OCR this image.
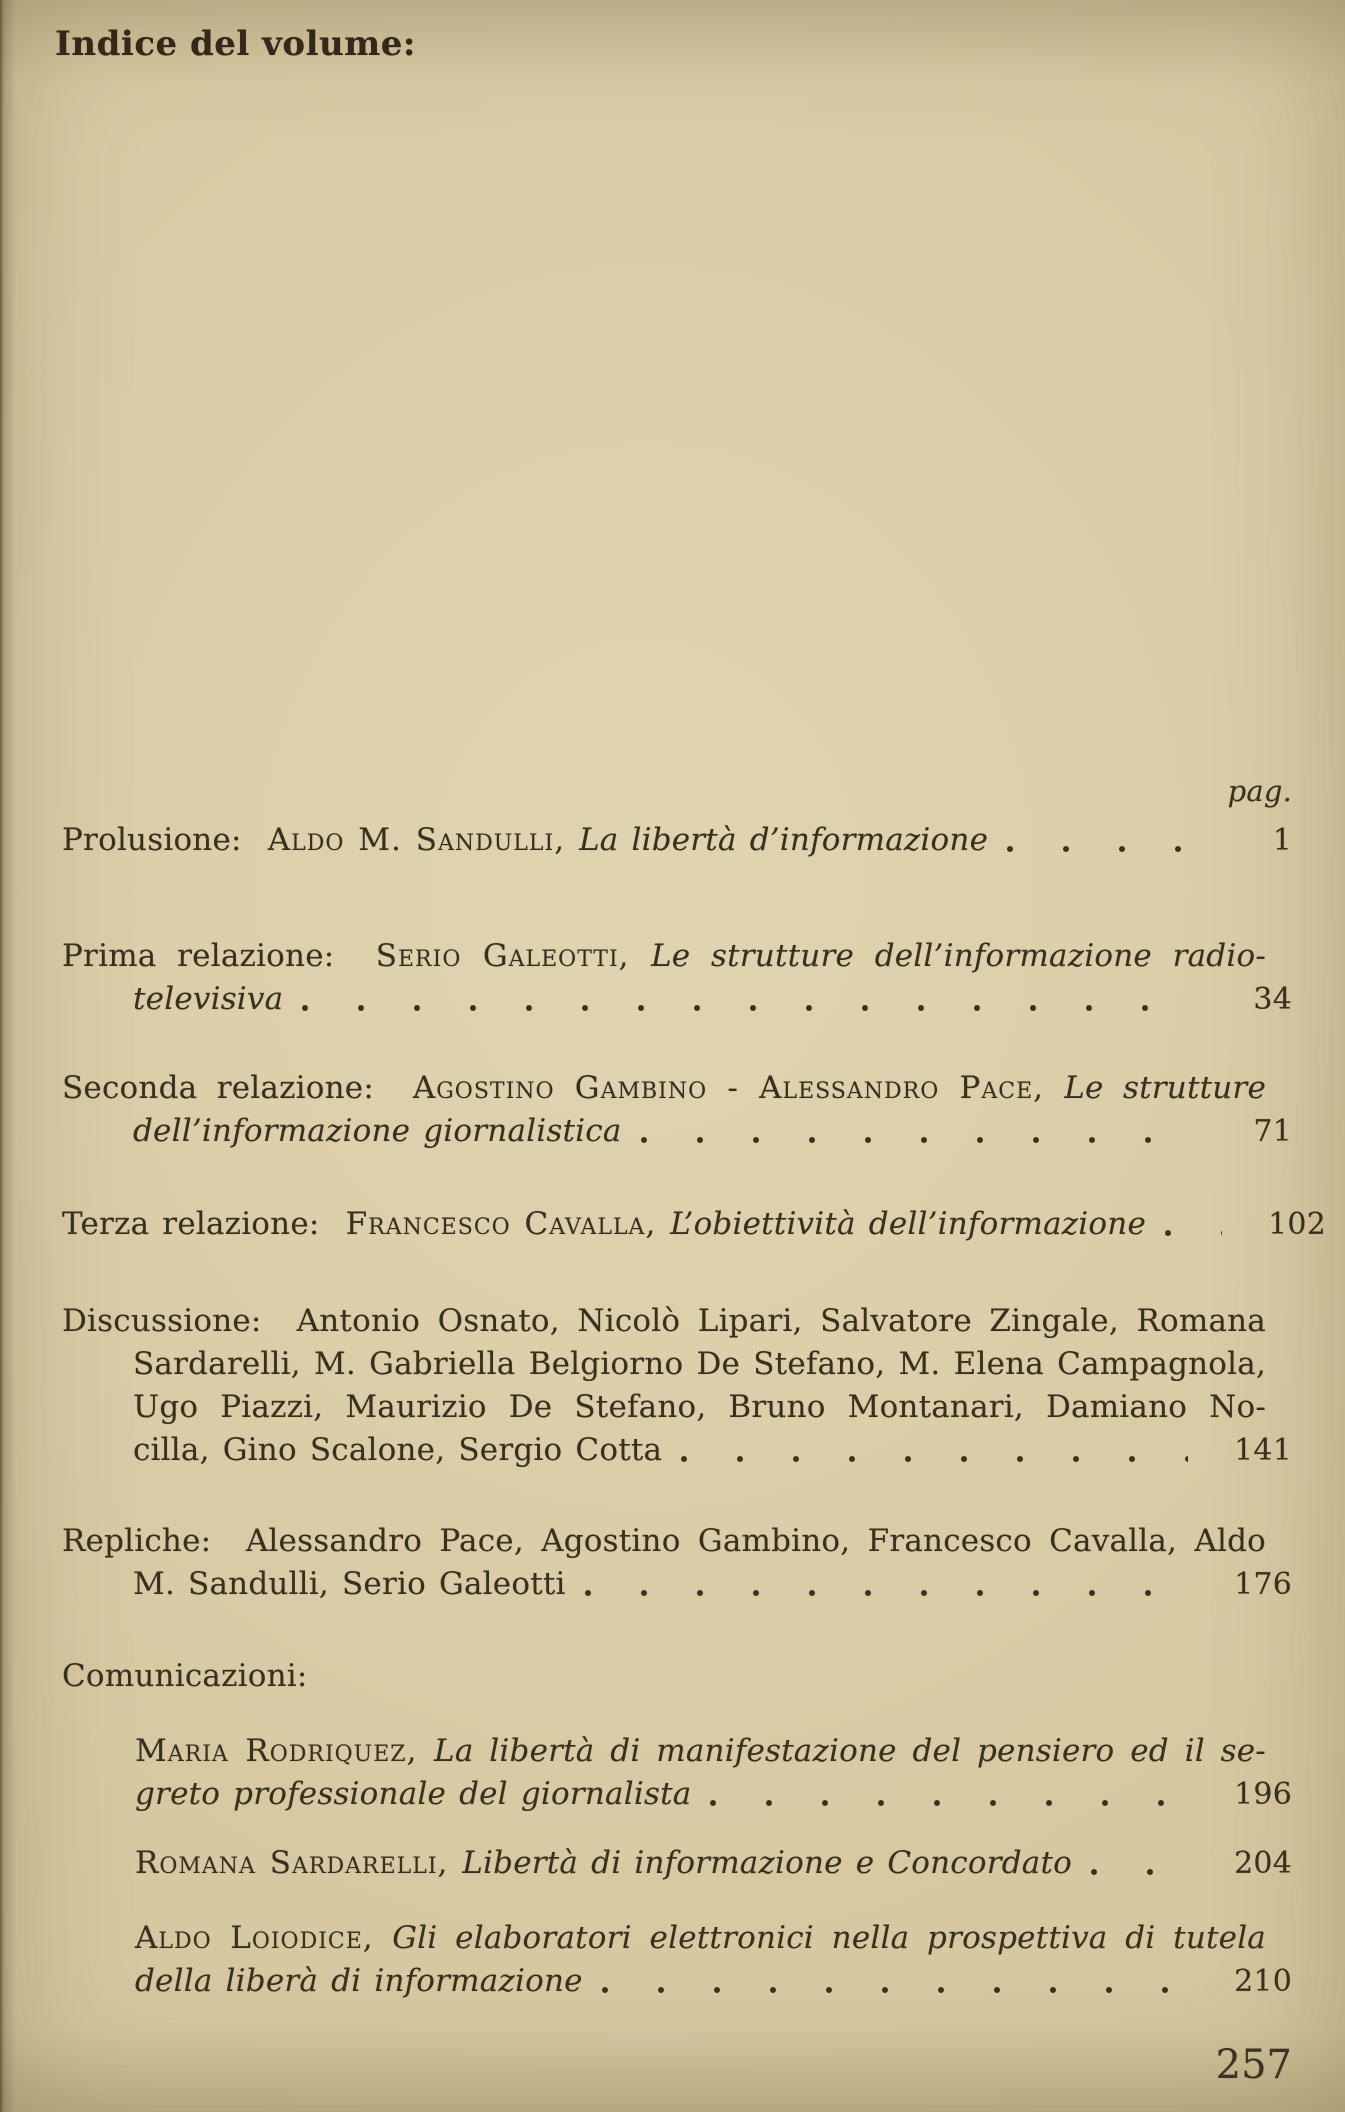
Indice del volume:
pag.
Prolusione:  Aldo M. Sandulli, La libertà d’informazione	1
Prima relazione:  Serio Galeotti, Le strutture dell’informazione radio-
televisiva	34
Seconda relazione:  Agostino Gambino - Alessandro Pace, Le strutture
dell’informazione giornalistica	71
Terza relazione:  Francesco Cavalla, L’obiettività dell’informazione	102
Discussione:  Antonio Osnato, Nicolò Lipari, Salvatore Zingale, Romana
Sardarelli, M. Gabriella Belgiorno De Stefano, M. Elena Campagnola,
Ugo Piazzi, Maurizio De Stefano, Bruno Montanari, Damiano No-
cilla, Gino Scalone, Sergio Cotta	141
Repliche:  Alessandro Pace, Agostino Gambino, Francesco Cavalla, Aldo
M. Sandulli, Serio Galeotti	176
Comunicazioni:
Maria Rodriquez, La libertà di manifestazione del pensiero ed il se-
greto professionale del giornalista	196
Romana Sardarelli, Libertà di informazione e Concordato	204
Aldo Loiodice, Gli elaboratori elettronici nella prospettiva di tutela
della liberà di informazione	210
257
